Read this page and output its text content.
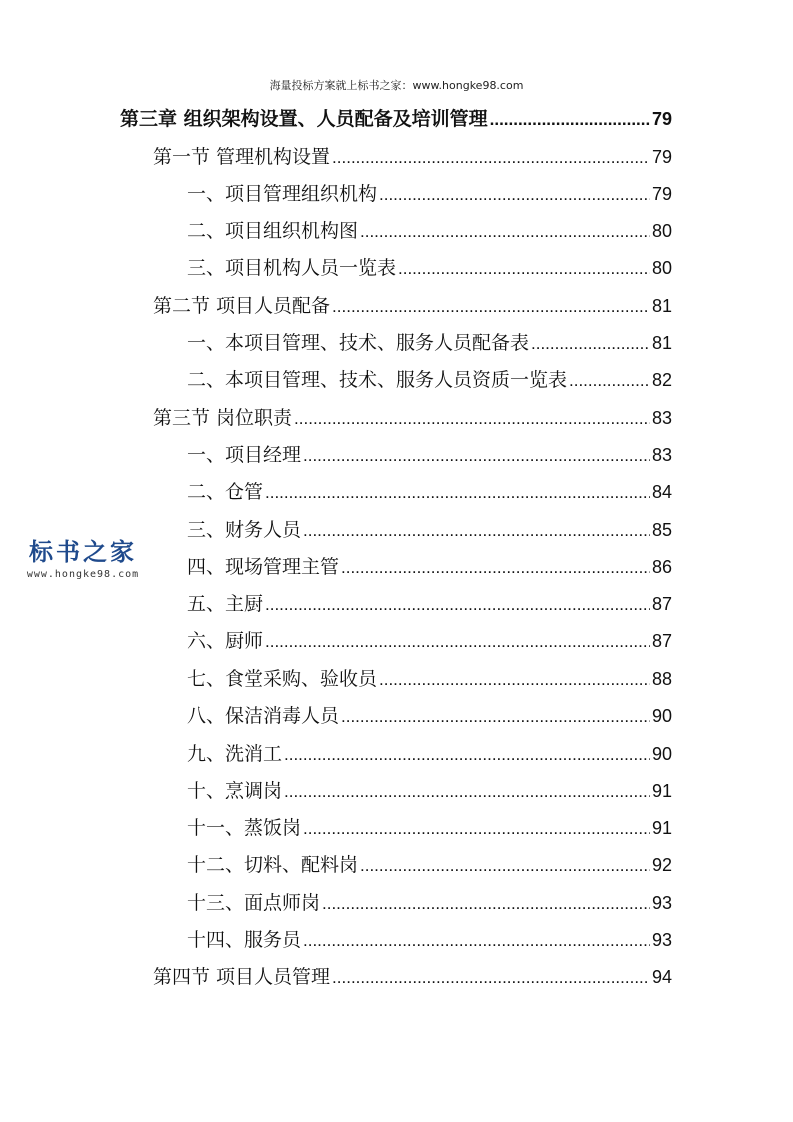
海量投标方案就上标书之家：www.hongke98.com
标书之家
www.hongke98.com
第三章 组织架构设置、人员配备及培训管理 .....	79
第一节 管理机构设置 .....	79
一、项目管理组织机构 .....	79
二、项目组织机构图 .....	80
三、项目机构人员一览表 .....	80
第二节 项目人员配备 .....	81
一、本项目管理、技术、服务人员配备表 .....	81
二、本项目管理、技术、服务人员资质一览表 .....	82
第三节 岗位职责 .....	83
一、项目经理 .....	83
二、仓管 .....	84
三、财务人员 .....	85
四、现场管理主管 .....	86
五、主厨 .....	87
六、厨师 .....	87
七、食堂采购、验收员 .....	88
八、保洁消毒人员 .....	90
九、洗消工 .....	90
十、烹调岗 .....	91
十一、蒸饭岗 .....	91
十二、切料、配料岗 .....	92
十三、面点师岗 .....	93
十四、服务员 .....	93
第四节 项目人员管理 .....	94
